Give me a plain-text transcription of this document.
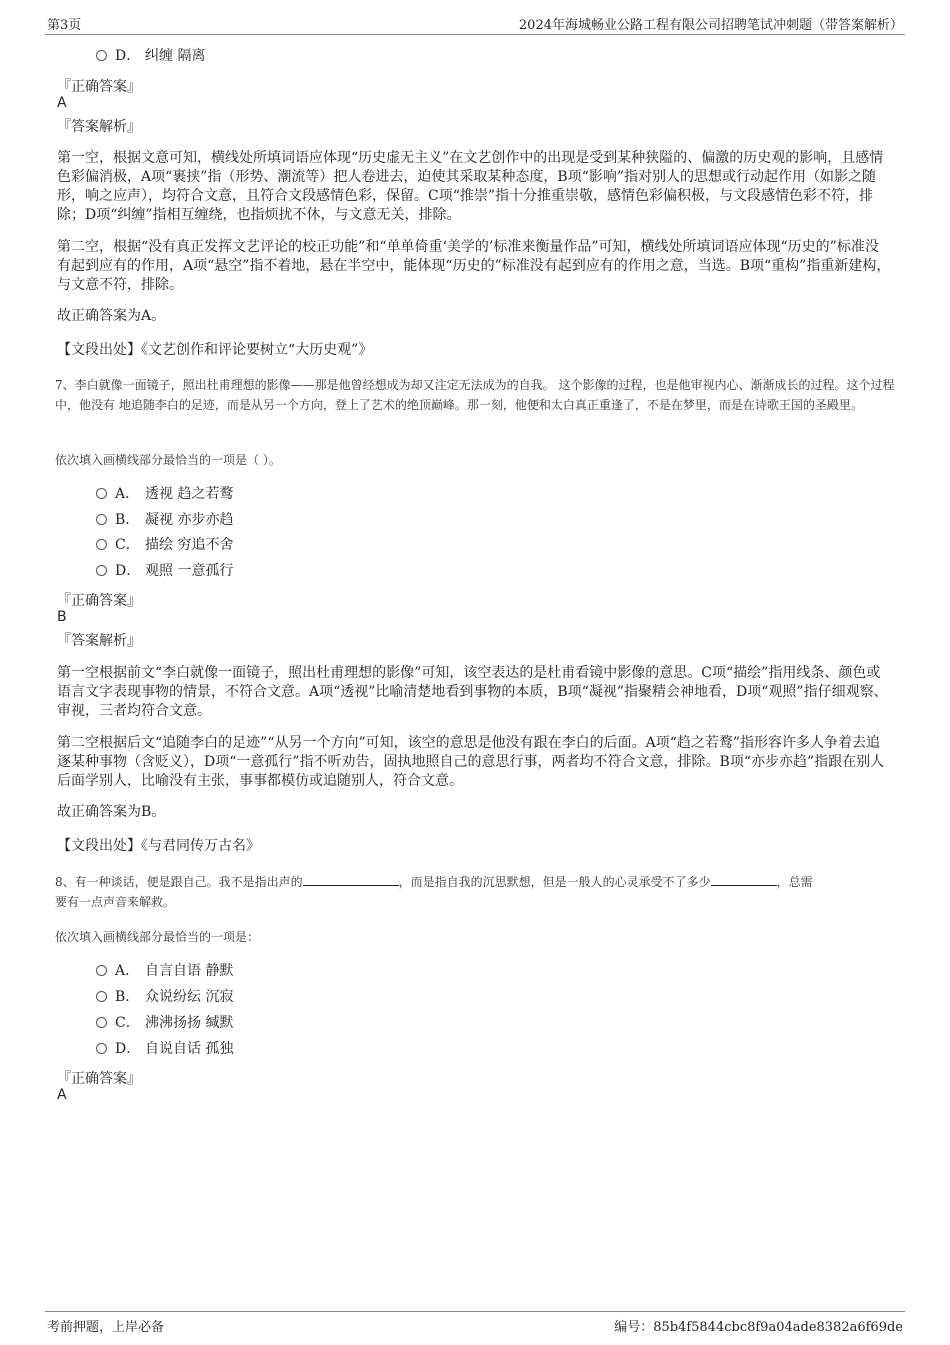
第3页	2024年海城畅业公路工程有限公司招聘笔试冲刺题（带答案解析）
D． 纠缠 隔离
『正确答案』
A
『答案解析』
第一空，根据文意可知，横线处所填词语应体现“历史虚无主义”在文艺创作中的出现是受到某种狭隘的、偏激的历史观的影响，且感情色彩偏消极，A项“裹挟”指（形势、潮流等）把人卷进去，迫使其采取某种态度，B项“影响”指对别人的思想或行动起作用（如影之随形，响之应声），均符合文意，且符合文段感情色彩，保留。C项“推崇”指十分推重崇敬，感情色彩偏积极，与文段感情色彩不符，排除；D项“纠缠”指相互缠绕，也指烦扰不休，与文意无关，排除。
第二空，根据“没有真正发挥文艺评论的校正功能”和“单单倚重‘美学的’标准来衡量作品”可知，横线处所填词语应体现“历史的”标准没有起到应有的作用，A项“悬空”指不着地，悬在半空中，能体现“历史的”标准没有起到应有的作用之意，当选。B项“重构”指重新建构，与文意不符，排除。
故正确答案为A。
【文段出处】《文艺创作和评论要树立“大历史观”》
7、李白就像一面镜子，照出杜甫理想的影像——那是他曾经想成为却又注定无法成为的自我。 这个影像的过程，也是他审视内心、渐渐成长的过程。这个过程中，他没有 地追随李白的足迹，而是从另一个方向，登上了艺术的绝顶巅峰。那一刻，他便和太白真正重逢了，不是在梦里，而是在诗歌王国的圣殿里。
依次填入画横线部分最恰当的一项是（ ）。
A． 透视 趋之若鹜
B． 凝视 亦步亦趋
C． 描绘 穷追不舍
D． 观照 一意孤行
『正确答案』
B
『答案解析』
第一空根据前文“李白就像一面镜子，照出杜甫理想的影像”可知，该空表达的是杜甫看镜中影像的意思。C项“描绘”指用线条、颜色或语言文字表现事物的情景，不符合文意。A项“透视”比喻清楚地看到事物的本质，B项“凝视”指聚精会神地看，D项“观照”指仔细观察、审视，三者均符合文意。
第二空根据后文“追随李白的足迹”“从另一个方向”可知，该空的意思是他没有跟在李白的后面。A项“趋之若鹜”指形容许多人争着去追逐某种事物（含贬义），D项“一意孤行”指不听劝告，固执地照自己的意思行事，两者均不符合文意，排除。B项“亦步亦趋”指跟在别人后面学别人，比喻没有主张，事事都模仿或追随别人，符合文意。
故正确答案为B。
【文段出处】《与君同传万古名》
8、有一种谈话，便是跟自己。我不是指出声的	，而是指自我的沉思默想，但是一般人的心灵承受不了多少	，总需
要有一点声音来解救。
依次填入画横线部分最恰当的一项是：
A． 自言自语 静默
B． 众说纷纭 沉寂
C． 沸沸扬扬 缄默
D． 自说自话 孤独
『正确答案』
A
考前押题，上岸必备	编号：85b4f5844cbc8f9a04ade8382a6f69de
